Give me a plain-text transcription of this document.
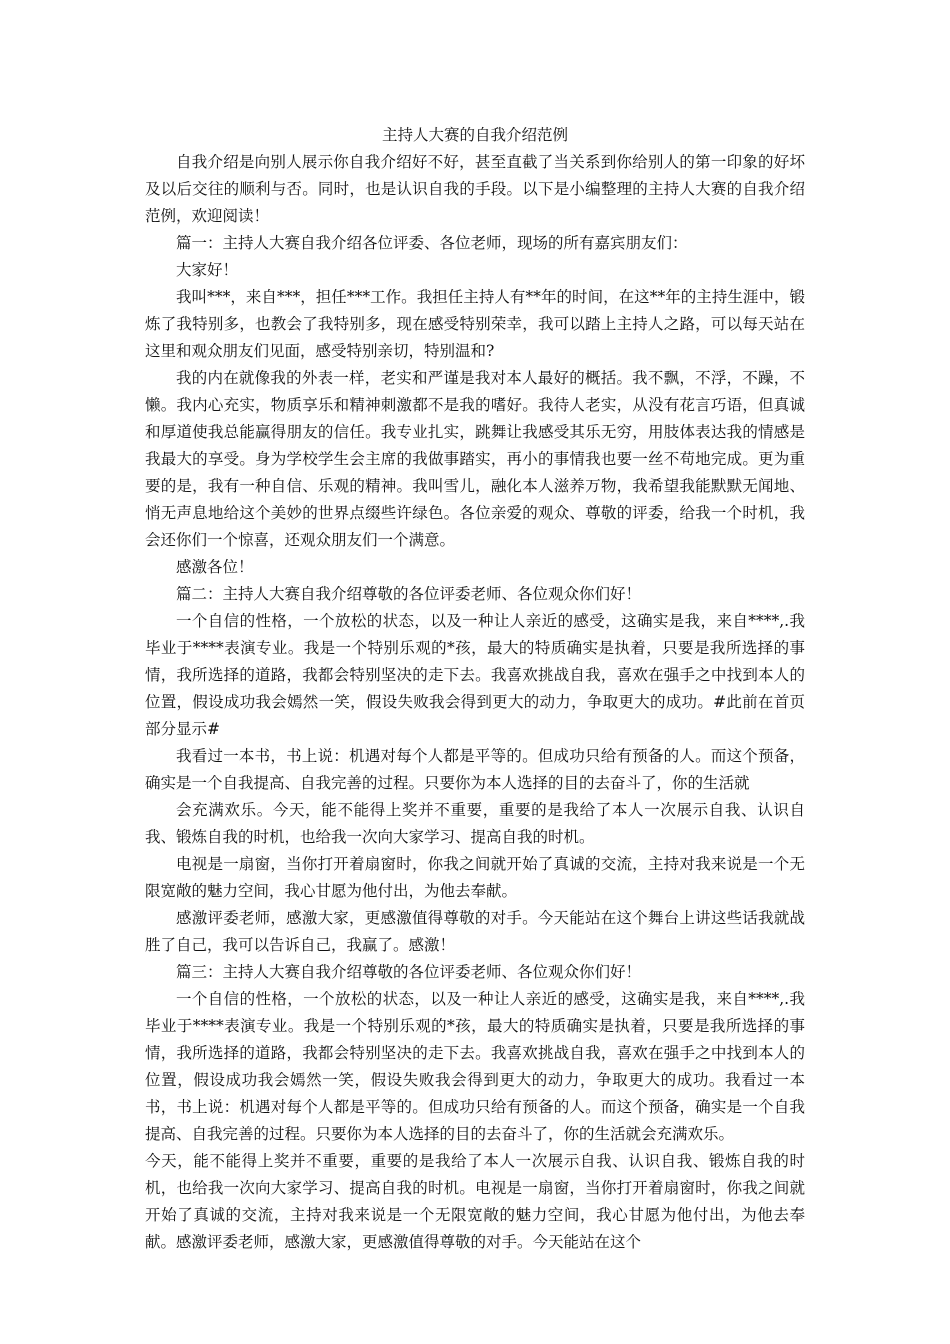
主持人大赛的自我介绍范例

自我介绍是向别人展示你自我介绍好不好，甚至直截了当关系到你给别人的第一印象的好坏及以后交往的顺利与否。同时，也是认识自我的手段。以下是小编整理的主持人大赛的自我介绍范例，欢迎阅读！

篇一：主持人大赛自我介绍各位评委、各位老师，现场的所有嘉宾朋友们：

大家好！

我叫***，来自***，担任***工作。我担任主持人有**年的时间，在这**年的主持生涯中，锻炼了我特别多，也教会了我特别多，现在感受特别荣幸，我可以踏上主持人之路，可以每天站在这里和观众朋友们见面，感受特别亲切，特别温和?

我的内在就像我的外表一样，老实和严谨是我对本人最好的概括。我不飘，不浮，不躁，不懒。我内心充实，物质享乐和精神刺激都不是我的嗜好。我待人老实，从没有花言巧语，但真诚和厚道使我总能赢得朋友的信任。我专业扎实，跳舞让我感受其乐无穷，用肢体表达我的情感是我最大的享受。身为学校学生会主席的我做事踏实，再小的事情我也要一丝不苟地完成。更为重要的是，我有一种自信、乐观的精神。我叫雪儿，融化本人滋养万物，我希望我能默默无闻地、悄无声息地给这个美妙的世界点缀些许绿色。各位亲爱的观众、尊敬的评委，给我一个时机，我会还你们一个惊喜，还观众朋友们一个满意。

感激各位！

篇二：主持人大赛自我介绍尊敬的各位评委老师、各位观众你们好！

一个自信的性格，一个放松的状态，以及一种让人亲近的感受，这确实是我，来自****,.我毕业于****表演专业。我是一个特别乐观的*孩，最大的特质确实是执着，只要是我所选择的事情，我所选择的道路，我都会特别坚决的走下去。我喜欢挑战自我，喜欢在强手之中找到本人的位置，假设成功我会嫣然一笑，假设失败我会得到更大的动力，争取更大的成功。#此前在首页部分显示#

我看过一本书，书上说：机遇对每个人都是平等的。但成功只给有预备的人。而这个预备，确实是一个自我提高、自我完善的过程。只要你为本人选择的目的去奋斗了，你的生活就

会充满欢乐。今天，能不能得上奖并不重要，重要的是我给了本人一次展示自我、认识自我、锻炼自我的时机，也给我一次向大家学习、提高自我的时机。

电视是一扇窗，当你打开着扇窗时，你我之间就开始了真诚的交流，主持对我来说是一个无限宽敞的魅力空间，我心甘愿为他付出，为他去奉献。

感激评委老师，感激大家，更感激值得尊敬的对手。今天能站在这个舞台上讲这些话我就战胜了自己，我可以告诉自己，我赢了。感激！

篇三：主持人大赛自我介绍尊敬的各位评委老师、各位观众你们好！

一个自信的性格，一个放松的状态，以及一种让人亲近的感受，这确实是我，来自****,.我毕业于****表演专业。我是一个特别乐观的*孩，最大的特质确实是执着，只要是我所选择的事情，我所选择的道路，我都会特别坚决的走下去。我喜欢挑战自我，喜欢在强手之中找到本人的位置，假设成功我会嫣然一笑，假设失败我会得到更大的动力，争取更大的成功。我看过一本书，书上说：机遇对每个人都是平等的。但成功只给有预备的人。而这个预备，确实是一个自我提高、自我完善的过程。只要你为本人选择的目的去奋斗了，你的生活就会充满欢乐。

今天，能不能得上奖并不重要，重要的是我给了本人一次展示自我、认识自我、锻炼自我的时机，也给我一次向大家学习、提高自我的时机。电视是一扇窗，当你打开着扇窗时，你我之间就开始了真诚的交流，主持对我来说是一个无限宽敞的魅力空间，我心甘愿为他付出，为他去奉献。感激评委老师，感激大家，更感激值得尊敬的对手。今天能站在这个
